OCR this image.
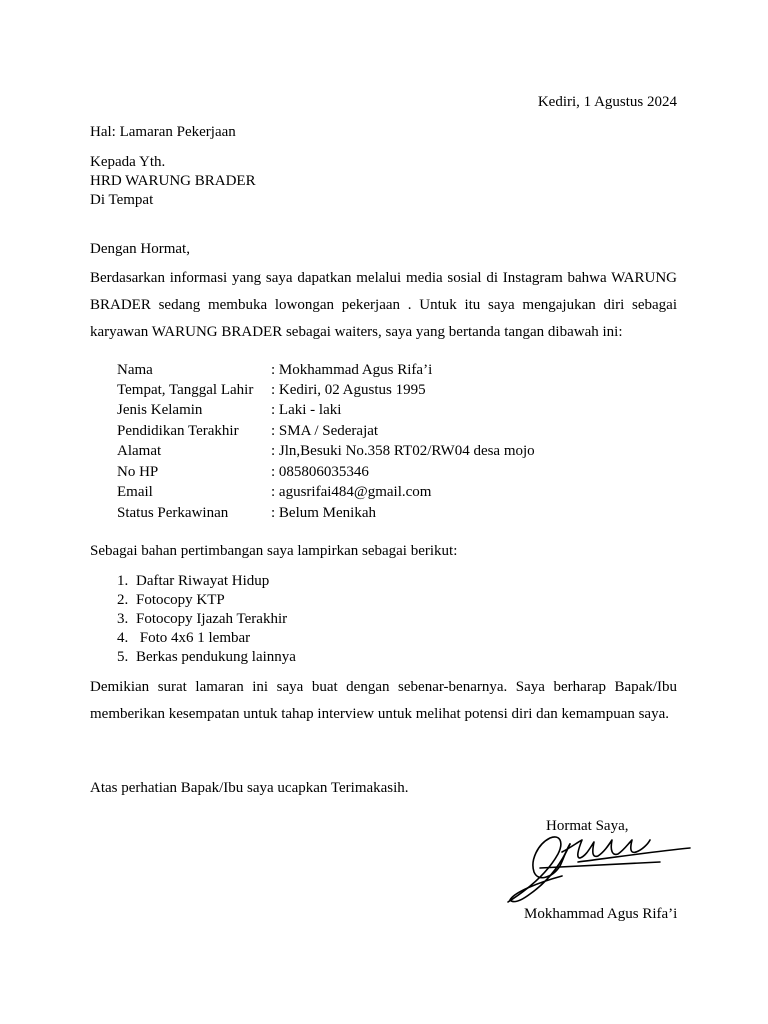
Kediri, 1 Agustus 2024
Hal: Lamaran Pekerjaan
Kepada Yth.
HRD WARUNG BRADER
Di Tempat
Dengan Hormat,
Berdasarkan informasi yang saya dapatkan melalui media sosial di Instagram bahwa WARUNG
BRADER sedang membuka lowongan pekerjaan . Untuk itu saya mengajukan diri sebagai
karyawan WARUNG BRADER sebagai waiters, saya yang bertanda tangan dibawah ini:
Nama	: Mokhammad Agus Rifa’i
Tempat, Tanggal Lahir : Kediri, 02 Agustus 1995
Jenis Kelamin	: Laki - laki
Pendidikan Terakhir : SMA / Sederajat
Alamat	: Jln,Besuki No.358 RT02/RW04 desa mojo
No HP	: 085806035346
Email	: agusrifai484@gmail.com
Status Perkawinan	: Belum Menikah
Sebagai bahan pertimbangan saya lampirkan sebagai berikut:
1. Daftar Riwayat Hidup
2. Fotocopy KTP
3. Fotocopy Ijazah Terakhir
4. Foto 4x6 1 lembar
5. Berkas pendukung lainnya
Demikian surat lamaran ini saya buat dengan sebenar-benarnya. Saya berharap Bapak/Ibu
memberikan kesempatan untuk tahap interview untuk melihat potensi diri dan kemampuan saya.
Atas perhatian Bapak/Ibu saya ucapkan Terimakasih.
Hormat Saya,
Mokhammad Agus Rifa’i
